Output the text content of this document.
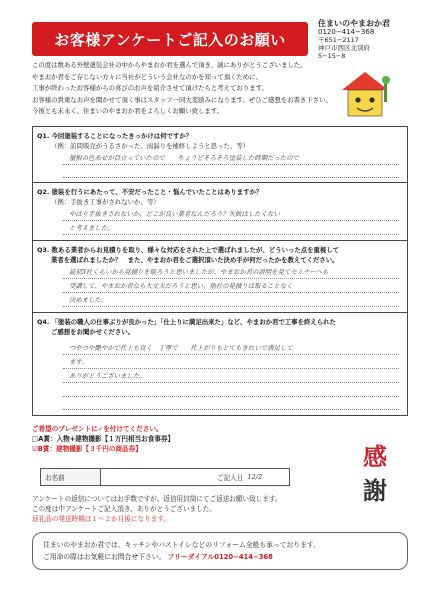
お客様アンケートご記入のお願い
住まいのやまおか君
0120−414−368
〒651−2117
神戸市西区北別府
5−15−8

この度は数ある外壁塗装会社の中からやまおか君を選んで頂き、誠にありがとうございました。

やまおか君をご存じない方々に当社がどういう会社なのかを知って頂くために、

工事が終わったお客様からの喜びのお声を紹介させて頂けたらと考えております。

お客様の貴重なお声を聞かせて頂く事はスタッフ一同大変励みになります。ぜひご感想をお書き下さい。

今後とも末永く、住まいのやまおか君をよろしくお願い致します。

Q1. 今回塗装することになったきっかけは何ですか？
（例：訪問販売がうるさかった、雨漏りを補修しようと思った、等）
屋根の色あせが目立っていたので　　ちょうどそろそろ塗装した時期だったので
Q2. 塗装を行うにあたって、不安だったこと・悩んでいたことはありますか？
（例：手抜き工事がされないか、等）
やはり手抜きされないか、どこが良い業者なんだろう？失敗はしたくない
と考えました。
Q3. 数ある業者からお見積りを取り、様々な対応をされた上で選ばれましたが、どういった点を重視して
業者を選ばれましたか？　また、やまおか君をご選択頂いた決め手が何だったかを教えてください。
最初3社くらいから見積りを取ろうと思いましたが、やまおか君の説明を見てセミナーへも
受講して、やまおか君なら大丈夫だろうと思い、他社の見積りは取ることなく
決めました。
Q4. 「塗装の職人の仕事ぶりが良かった」「仕上りに満足出来た」など、やまおか君で工事を終えられた
ご感想をお聞かせください。
つやつや艶やかで仕上も良く　丁寧で　　仕上がりもとてもきれいで満足して
ます。
ありがとうございました。
ご希望のプレゼントに✓を付けてください。
□A賞：入物+建物撮影【１万円相当お食事券】
☑B賞：建物撮影【３千円の商品券】	感
謝
お名前	ご記入日 12/2
アンケートの返信についてはお手数ですが、返信用封筒にてご返送お願い致します。
この度は中アンケートご記入頂き、ありがとうございました。
返礼品の発送時期は１〜２か月後になります。
住まいのやまおか君では、キッチンやバストイレなどのリフォーム全般も承っております。
ご用命の際はお気軽にお問合せ下さい。 フリーダイアル0120−414−368
